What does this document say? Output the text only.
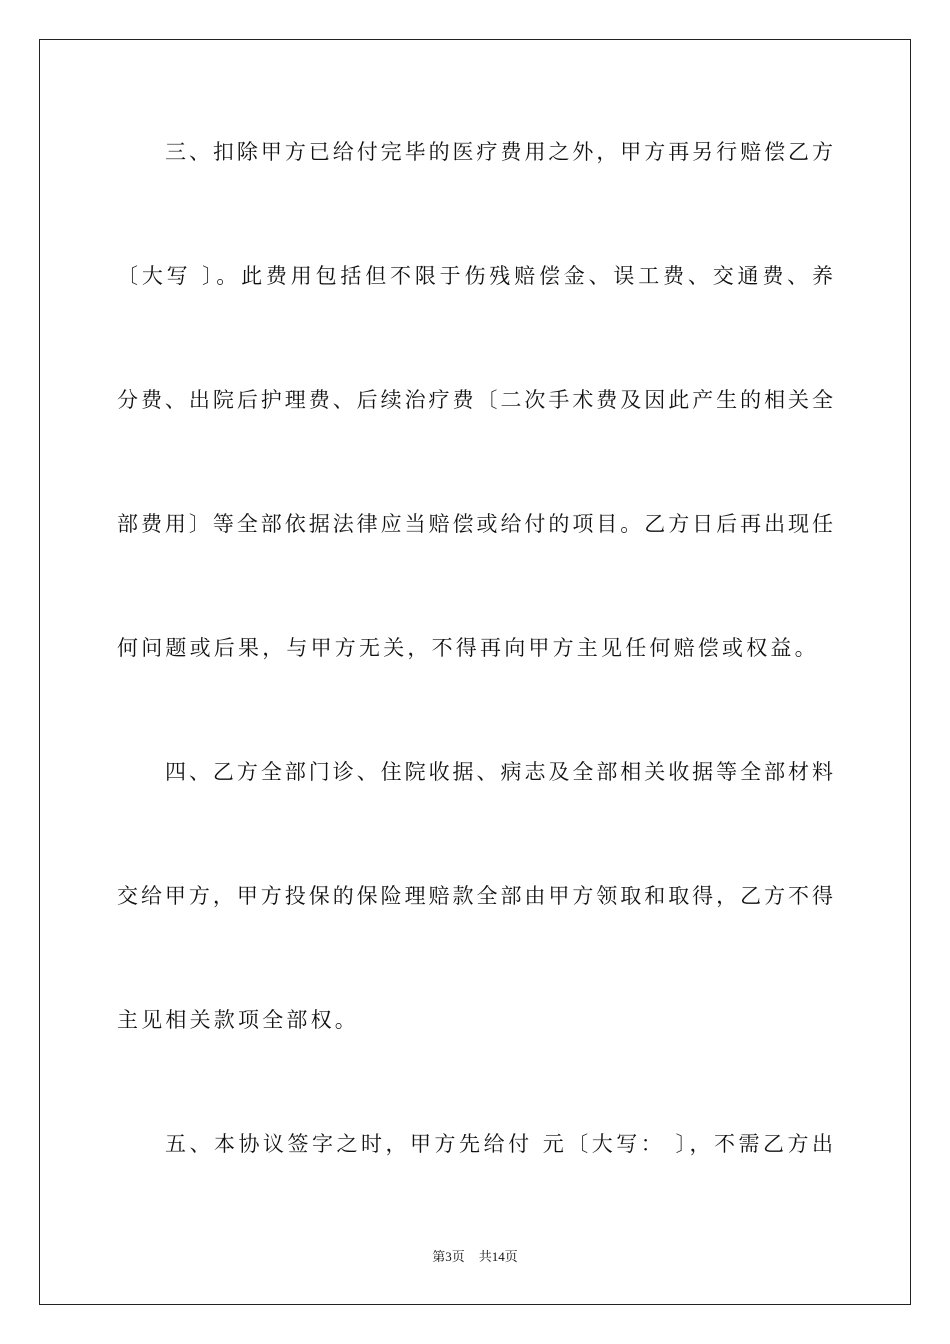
三、扣除甲方已给付完毕的医疗费用之外，甲方再另行赔偿乙方
〔大写 〕。此费用包括但不限于伤残赔偿金、误工费、交通费、养
分费、出院后护理费、后续治疗费〔二次手术费及因此产生的相关全
部费用〕等全部依据法律应当赔偿或给付的项目。乙方日后再出现任
何问题或后果，与甲方无关，不得再向甲方主见任何赔偿或权益。
四、乙方全部门诊、住院收据、病志及全部相关收据等全部材料
交给甲方，甲方投保的保险理赔款全部由甲方领取和取得，乙方不得
主见相关款项全部权。
五、本协议签字之时，甲方先给付 元〔大写： 〕，不需乙方出
第3页 共14页
